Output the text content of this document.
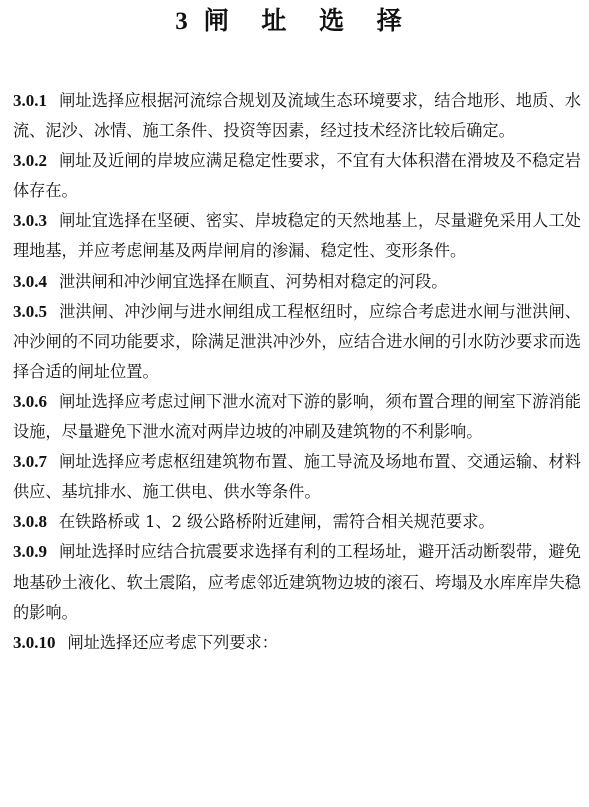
3 闸 址 选 择
3.0.1 闸址选择应根据河流综合规划及流域生态环境要求，结合地形、地质、水流、泥沙、冰情、施工条件、投资等因素，经过技术经济比较后确定。
3.0.2 闸址及近闸的岸坡应满足稳定性要求，不宜有大体积潜在滑坡及不稳定岩体存在。
3.0.3 闸址宜选择在坚硬、密实、岸坡稳定的天然地基上，尽量避免采用人工处理地基，并应考虑闸基及两岸闸肩的渗漏、稳定性、变形条件。
3.0.4 泄洪闸和冲沙闸宜选择在顺直、河势相对稳定的河段。
3.0.5 泄洪闸、冲沙闸与进水闸组成工程枢纽时，应综合考虑进水闸与泄洪闸、冲沙闸的不同功能要求，除满足泄洪冲沙外，应结合进水闸的引水防沙要求而选择合适的闸址位置。
3.0.6 闸址选择应考虑过闸下泄水流对下游的影响，须布置合理的闸室下游消能设施，尽量避免下泄水流对两岸边坡的冲刷及建筑物的不利影响。
3.0.7 闸址选择应考虑枢纽建筑物布置、施工导流及场地布置、交通运输、材料供应、基坑排水、施工供电、供水等条件。
3.0.8 在铁路桥或 1、2 级公路桥附近建闸，需符合相关规范要求。
3.0.9 闸址选择时应结合抗震要求选择有利的工程场址，避开活动断裂带，避免地基砂土液化、软土震陷，应考虑邻近建筑物边坡的滚石、垮塌及水库库岸失稳的影响。
3.0.10 闸址选择还应考虑下列要求：
